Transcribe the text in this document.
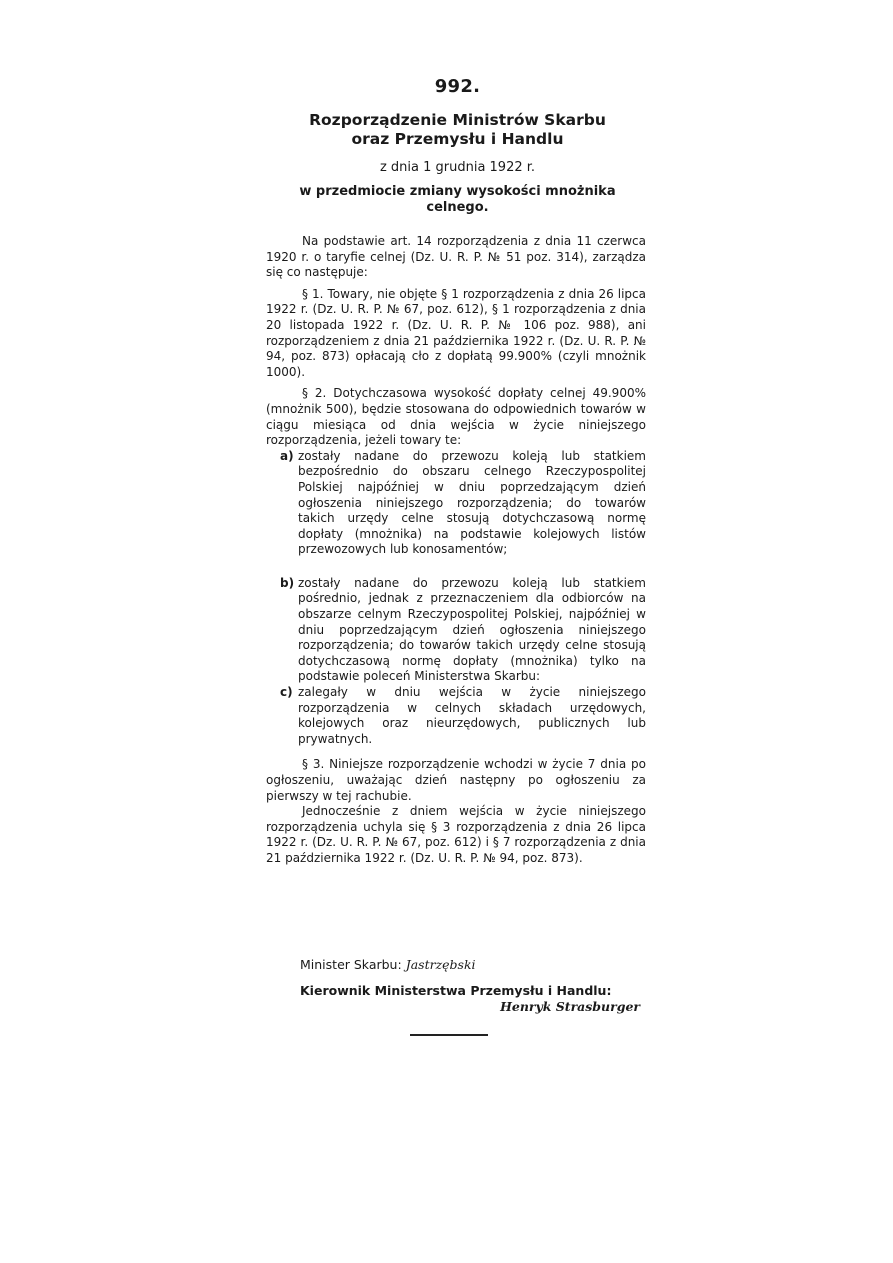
992.
Rozporządzenie Ministrów Skarbu
oraz Przemysłu i Handlu
z dnia 1 grudnia 1922 r.
w przedmiocie zmiany wysokości mnożnika celnego.

Na podstawie art. 14 rozporządzenia z dnia 11 czerwca 1920 r. o taryfie celnej (Dz. U. R. P. № 51 poz. 314), zarządza się co następuje:

§ 1. Towary, nie objęte § 1 rozporządzenia z dnia 26 lipca 1922 r. (Dz. U. R. P. № 67, poz. 612), § 1 rozporządzenia z dnia 20 listopada 1922 r. (Dz. U. R. P. № 106 poz. 988), ani rozporządzeniem z dnia 21 października 1922 r. (Dz. U. R. P. № 94, poz. 873) opłacają cło z dopłatą 99.900% (czyli mnożnik 1000).

§ 2. Dotychczasowa wysokość dopłaty celnej 49.900% (mnożnik 500), będzie stosowana do odpowiednich towarów w ciągu miesiąca od dnia wejścia w życie niniejszego rozporządzenia, jeżeli towary te:

a) zostały nadane do przewozu koleją lub statkiem bezpośrednio do obszaru celnego Rzeczypospolitej Polskiej najpóźniej w dniu poprzedzającym dzień ogłoszenia niniejszego rozporządzenia; do towarów takich urzędy celne stosują dotychczasową normę dopłaty (mnożnika) na podstawie kolejowych listów przewozowych lub konosamentów;
b) zostały nadane do przewozu koleją lub statkiem pośrednio, jednak z przeznaczeniem dla odbiorców na obszarze celnym Rzeczypospolitej Polskiej, najpóźniej w dniu poprzedzającym dzień ogłoszenia niniejszego rozporządzenia; do towarów takich urzędy celne stosują dotychczasową normę dopłaty (mnożnika) tylko na podstawie poleceń Ministerstwa Skarbu:
c) zalegały w dniu wejścia w życie niniejszego rozporządzenia w celnych składach urzędowych, kolejowych oraz nieurzędowych, publicznych lub prywatnych.

§ 3. Niniejsze rozporządzenie wchodzi w życie 7 dnia po ogłoszeniu, uważając dzień następny po ogłoszeniu za pierwszy w tej rachubie.

Jednocześnie z dniem wejścia w życie niniejszego rozporządzenia uchyla się § 3 rozporządzenia z dnia 26 lipca 1922 r. (Dz. U. R. P. № 67, poz. 612) i § 7 rozporządzenia z dnia 21 października 1922 r. (Dz. U. R. P. № 94, poz. 873).

Minister Skarbu: Jastrzębski
Kierownik Ministerstwa Przemysłu i Handlu:
Henryk Strasburger
